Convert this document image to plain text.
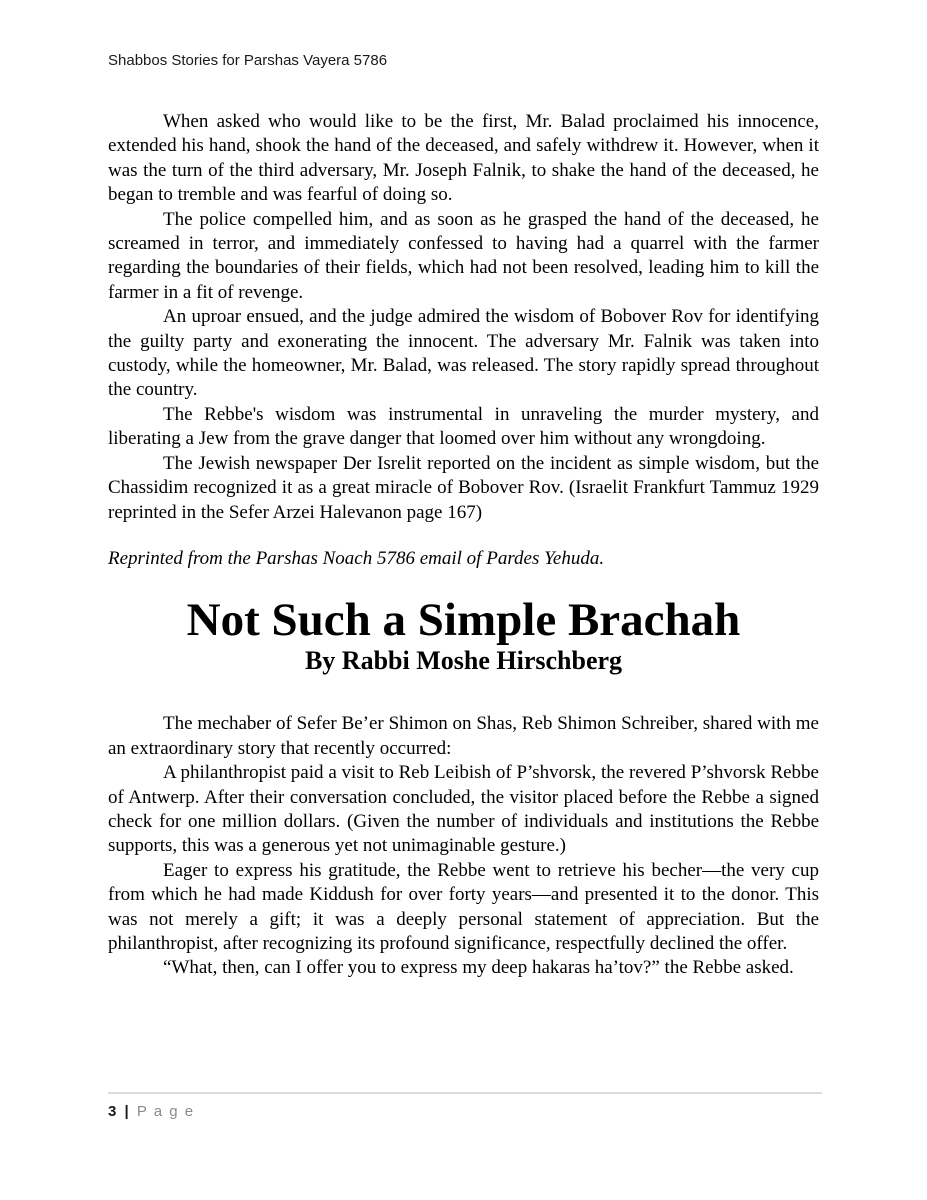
Shabbos Stories for Parshas Vayera 5786

When asked who would like to be the first, Mr. Balad proclaimed his innocence, extended his hand, shook the hand of the deceased, and safely withdrew it. However, when it was the turn of the third adversary, Mr. Joseph Falnik, to shake the hand of the deceased, he began to tremble and was fearful of doing so.

The police compelled him, and as soon as he grasped the hand of the deceased, he screamed in terror, and immediately confessed to having had a quarrel with the farmer regarding the boundaries of their fields, which had not been resolved, leading him to kill the farmer in a fit of revenge.

An uproar ensued, and the judge admired the wisdom of Bobover Rov for identifying the guilty party and exonerating the innocent. The adversary Mr. Falnik was taken into custody, while the homeowner, Mr. Balad, was released. The story rapidly spread throughout the country.

The Rebbe's wisdom was instrumental in unraveling the murder mystery, and liberating a Jew from the grave danger that loomed over him without any wrongdoing.

The Jewish newspaper Der Isrelit reported on the incident as simple wisdom, but the Chassidim recognized it as a great miracle of Bobover Rov. (Israelit Frankfurt Tammuz 1929 reprinted in the Sefer Arzei Halevanon page 167)

Reprinted from the Parshas Noach 5786 email of Pardes Yehuda.

Not Such a Simple Brachah
By Rabbi Moshe Hirschberg

The mechaber of Sefer Be’er Shimon on Shas, Reb Shimon Schreiber, shared with me an extraordinary story that recently occurred:

A philanthropist paid a visit to Reb Leibish of P’shvorsk, the revered P’shvorsk Rebbe of Antwerp. After their conversation concluded, the visitor placed before the Rebbe a signed check for one million dollars. (Given the number of individuals and institutions the Rebbe supports, this was a generous yet not unimaginable gesture.)

Eager to express his gratitude, the Rebbe went to retrieve his becher—the very cup from which he had made Kiddush for over forty years—and presented it to the donor. This was not merely a gift; it was a deeply personal statement of appreciation. But the philanthropist, after recognizing its profound significance, respectfully declined the offer.

“What, then, can I offer you to express my deep hakaras ha’tov?” the Rebbe asked.

3 | P a g e
